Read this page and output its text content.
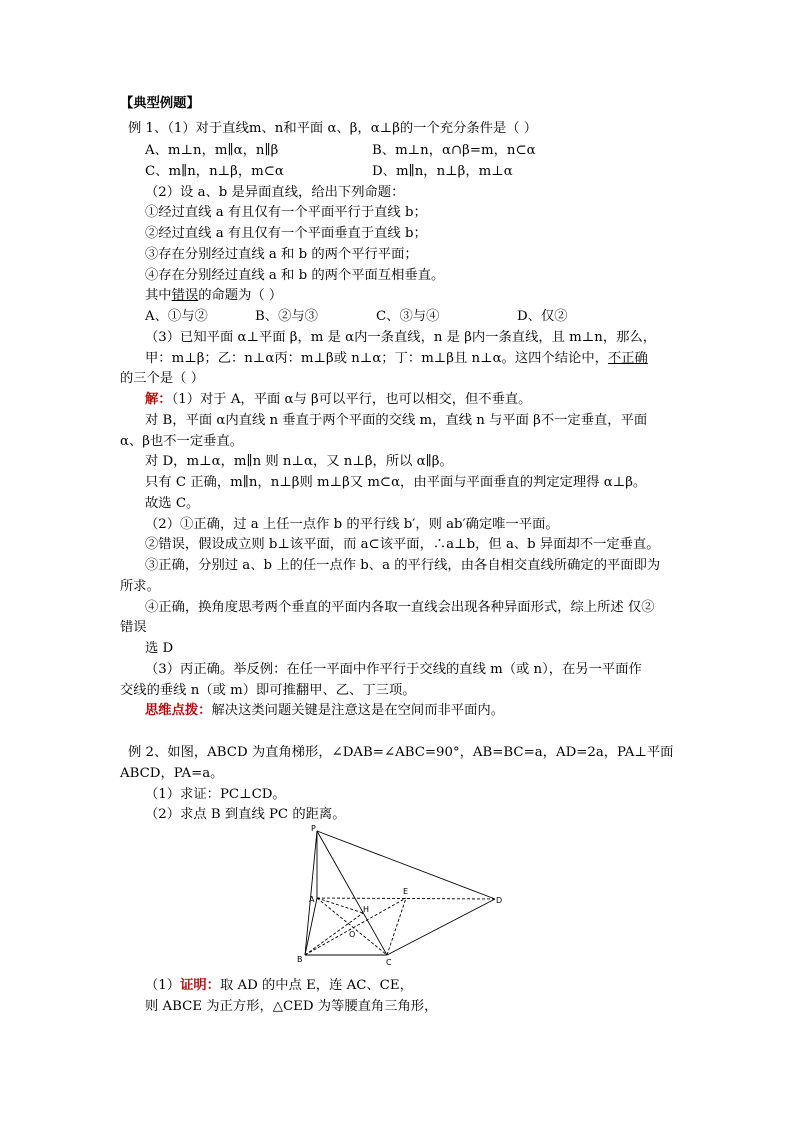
【典型例题】
例 1、（1）对于直线m、n和平面 α、β，α⊥β的一个充分条件是（ ）
A、m⊥n，m∥α，n∥β	B、m⊥n，α∩β=m，n⊂α
C、m∥n，n⊥β，m⊂α	D、m∥n，n⊥β，m⊥α
（2）设 a、b 是异面直线，给出下列命题：
①经过直线 a 有且仅有一个平面平行于直线 b；
②经过直线 a 有且仅有一个平面垂直于直线 b；
③存在分别经过直线 a 和 b 的两个平行平面；
④存在分别经过直线 a 和 b 的两个平面互相垂直。
其中错误的命题为（ ）
A、①与②	B、②与③	C、③与④	D、仅②
（3）已知平面 α⊥平面 β，m 是 α内一条直线，n 是 β内一条直线，且 m⊥n，那么，
甲：m⊥β；乙：n⊥α丙：m⊥β或 n⊥α；丁：m⊥β且 n⊥α。这四个结论中，不正确
的三个是（ ）
解：（1）对于 A，平面 α与 β可以平行，也可以相交，但不垂直。
对 B，平面 α内直线 n 垂直于两个平面的交线 m，直线 n 与平面 β不一定垂直，平面
α、β也不一定垂直。
对 D，m⊥α，m∥n 则 n⊥α，又 n⊥β，所以 α∥β。
只有 C 正确，m∥n，n⊥β则 m⊥β又 m⊂α，由平面与平面垂直的判定定理得 α⊥β。
故选 C。
（2）①正确，过 a 上任一点作 b 的平行线 b′，则 ab′确定唯一平面。
②错误，假设成立则 b⊥该平面，而 a⊂该平面，∴a⊥b，但 a、b 异面却不一定垂直。
③正确，分别过 a、b 上的任一点作 b、a 的平行线，由各自相交直线所确定的平面即为
所求。
④正确，换角度思考两个垂直的平面内各取一直线会出现各种异面形式，综上所述 仅②
错误
选 D
（3）丙正确。举反例：在任一平面中作平行于交线的直线 m（或 n），在另一平面作
交线的垂线 n（或 m）即可推翻甲、乙、丁三项。
思维点拨：解决这类问题关键是注意这是在空间而非平面内。
例 2、如图，ABCD 为直角梯形，∠DAB=∠ABC=90°，AB=BC=a，AD=2a，PA⊥平面
ABCD，PA=a。
（1）求证：PC⊥CD。
（2）求点 B 到直线 PC 的距离。
P
A
B	C
D
E
H
O
（1）证明：取 AD 的中点 E，连 AC、CE，
则 ABCE 为正方形，△CED 为等腰直角三角形，
